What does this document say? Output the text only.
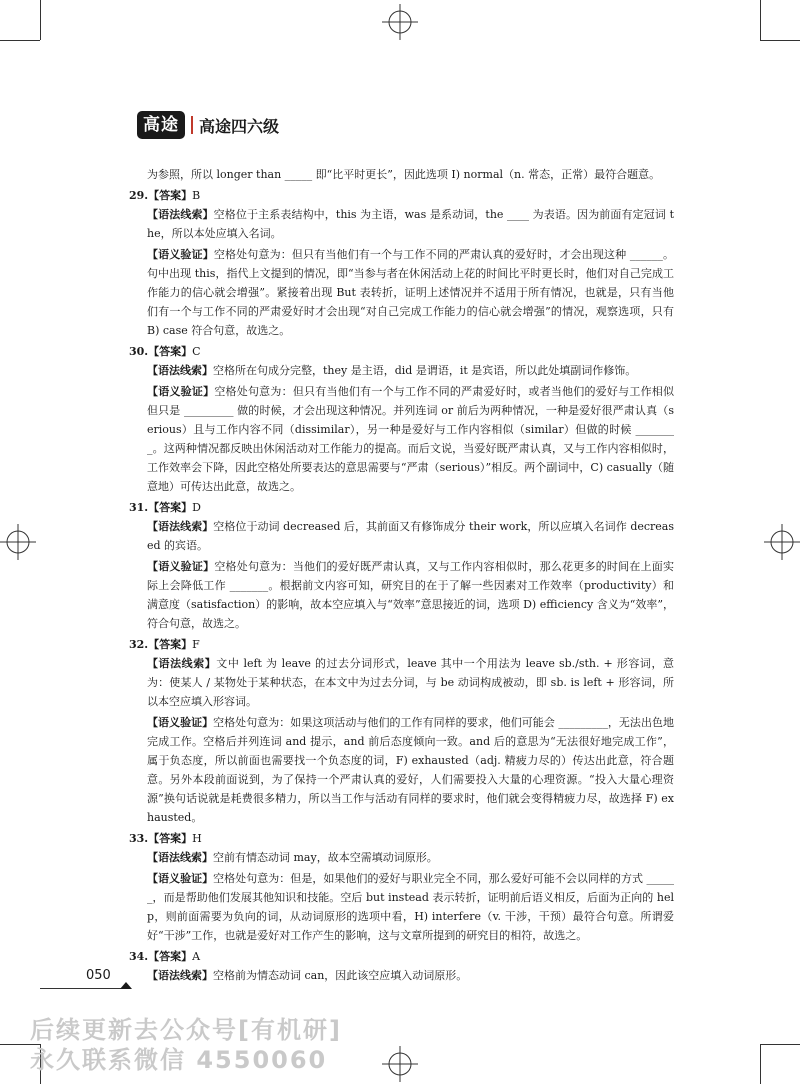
高途	高途四六级

为参照，所以 longer than _____ 即“比平时更长”，因此选项 I) normal（n. 常态，正常）最符合题意。

29.【答案】B

【语法线索】空格位于主系表结构中，this 为主语，was 是系动词，the ____ 为表语。因为前面有定冠词 the，所以本处应填入名词。

【语义验证】空格处句意为：但只有当他们有一个与工作不同的严肃认真的爱好时，才会出现这种 ______。句中出现 this，指代上文提到的情况，即“当参与者在休闲活动上花的时间比平时更长时，他们对自己完成工作能力的信心就会增强”。紧接着出现 But 表转折，证明上述情况并不适用于所有情况，也就是，只有当他们有一个与工作不同的严肃爱好时才会出现“对自己完成工作能力的信心就会增强”的情况，观察选项，只有 B) case 符合句意，故选之。

30.【答案】C

【语法线索】空格所在句成分完整，they 是主语，did 是谓语，it 是宾语，所以此处填副词作修饰。

【语义验证】空格处句意为：但只有当他们有一个与工作不同的严肃爱好时，或者当他们的爱好与工作相似但只是 _________ 做的时候，才会出现这种情况。并列连词 or 前后为两种情况，一种是爱好很严肃认真（serious）且与工作内容不同（dissimilar），另一种是爱好与工作内容相似（similar）但做的时候 ________。这两种情况都反映出休闲活动对工作能力的提高。而后文说，当爱好既严肃认真，又与工作内容相似时，工作效率会下降，因此空格处所要表达的意思需要与“严肃（serious）”相反。两个副词中，C) casually（随意地）可传达出此意，故选之。

31.【答案】D

【语法线索】空格位于动词 decreased 后，其前面又有修饰成分 their work，所以应填入名词作 decreased 的宾语。

【语义验证】空格处句意为：当他们的爱好既严肃认真，又与工作内容相似时，那么花更多的时间在上面实际上会降低工作 _______。根据前文内容可知，研究目的在于了解一些因素对工作效率（productivity）和满意度（satisfaction）的影响，故本空应填入与“效率”意思接近的词，选项 D) efficiency 含义为“效率”，符合句意，故选之。

32.【答案】F

【语法线索】文中 left 为 leave 的过去分词形式，leave 其中一个用法为 leave sb./sth. + 形容词，意为：使某人 / 某物处于某种状态，在本文中为过去分词，与 be 动词构成被动，即 sb. is left + 形容词，所以本空应填入形容词。

【语义验证】空格处句意为：如果这项活动与他们的工作有同样的要求，他们可能会 _________，无法出色地完成工作。空格后并列连词 and 提示，and 前后态度倾向一致。and 后的意思为“无法很好地完成工作”，属于负态度，所以前面也需要找一个负态度的词，F) exhausted（adj. 精疲力尽的）传达出此意，符合题意。另外本段前面说到，为了保持一个严肃认真的爱好，人们需要投入大量的心理资源。“投入大量心理资源”换句话说就是耗费很多精力，所以当工作与活动有同样的要求时，他们就会变得精疲力尽，故选择 F) exhausted。

33.【答案】H

【语法线索】空前有情态动词 may，故本空需填动词原形。

【语义验证】空格处句意为：但是，如果他们的爱好与职业完全不同，那么爱好可能不会以同样的方式 ______，而是帮助他们发展其他知识和技能。空后 but instead 表示转折，证明前后语义相反，后面为正向的 help，则前面需要为负向的词，从动词原形的选项中看，H) interfere（v. 干涉，干预）最符合句意。所谓爱好“干涉”工作，也就是爱好对工作产生的影响，这与文章所提到的研究目的相符，故选之。

34.【答案】A

【语法线索】空格前为情态动词 can，因此该空应填入动词原形。

050
后续更新去公众号[有机研]
永久联系微信 4550060
